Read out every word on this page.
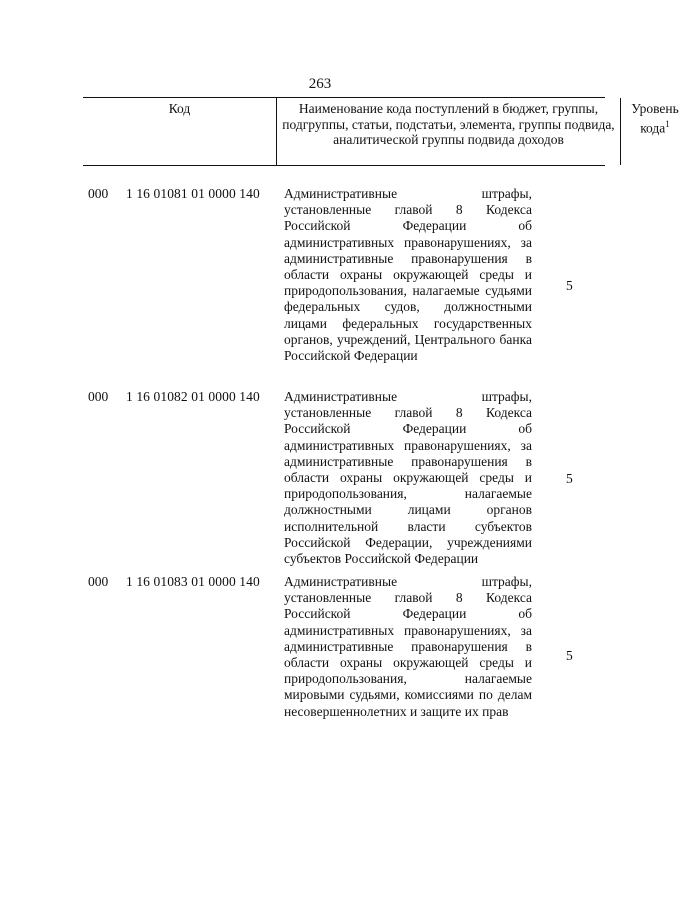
263
Код	Наименование кода поступлений в бюджет, группы, подгруппы, статьи, подстатьи, элемента, группы подвида, аналитической группы подвида доходов
Уровень кода$^1$
000 1 16 01081 01 0000 140 Административные штрафы, установленные главой 8 Кодекса Российской Федерации об административных правонарушениях, за административные правонарушения в области охраны окружающей среды и природопользования, налагаемые судьями федеральных судов, должностными лицами федеральных государственных органов, учреждений, Центрального банка Российской Федерации
5
000 1 16 01082 01 0000 140 Административные штрафы, установленные главой 8 Кодекса Российской Федерации об административных правонарушениях, за административные правонарушения в области охраны окружающей среды и природопользования, налагаемые должностными лицами органов исполнительной власти субъектов Российской Федерации, учреждениями субъектов Российской Федерации
5
000 1 16 01083 01 0000 140 Административные штрафы, установленные главой 8 Кодекса Российской Федерации об административных правонарушениях, за административные правонарушения в области охраны окружающей среды и природопользования, налагаемые мировыми судьями, комиссиями по делам несовершеннолетних и защите их прав
5
